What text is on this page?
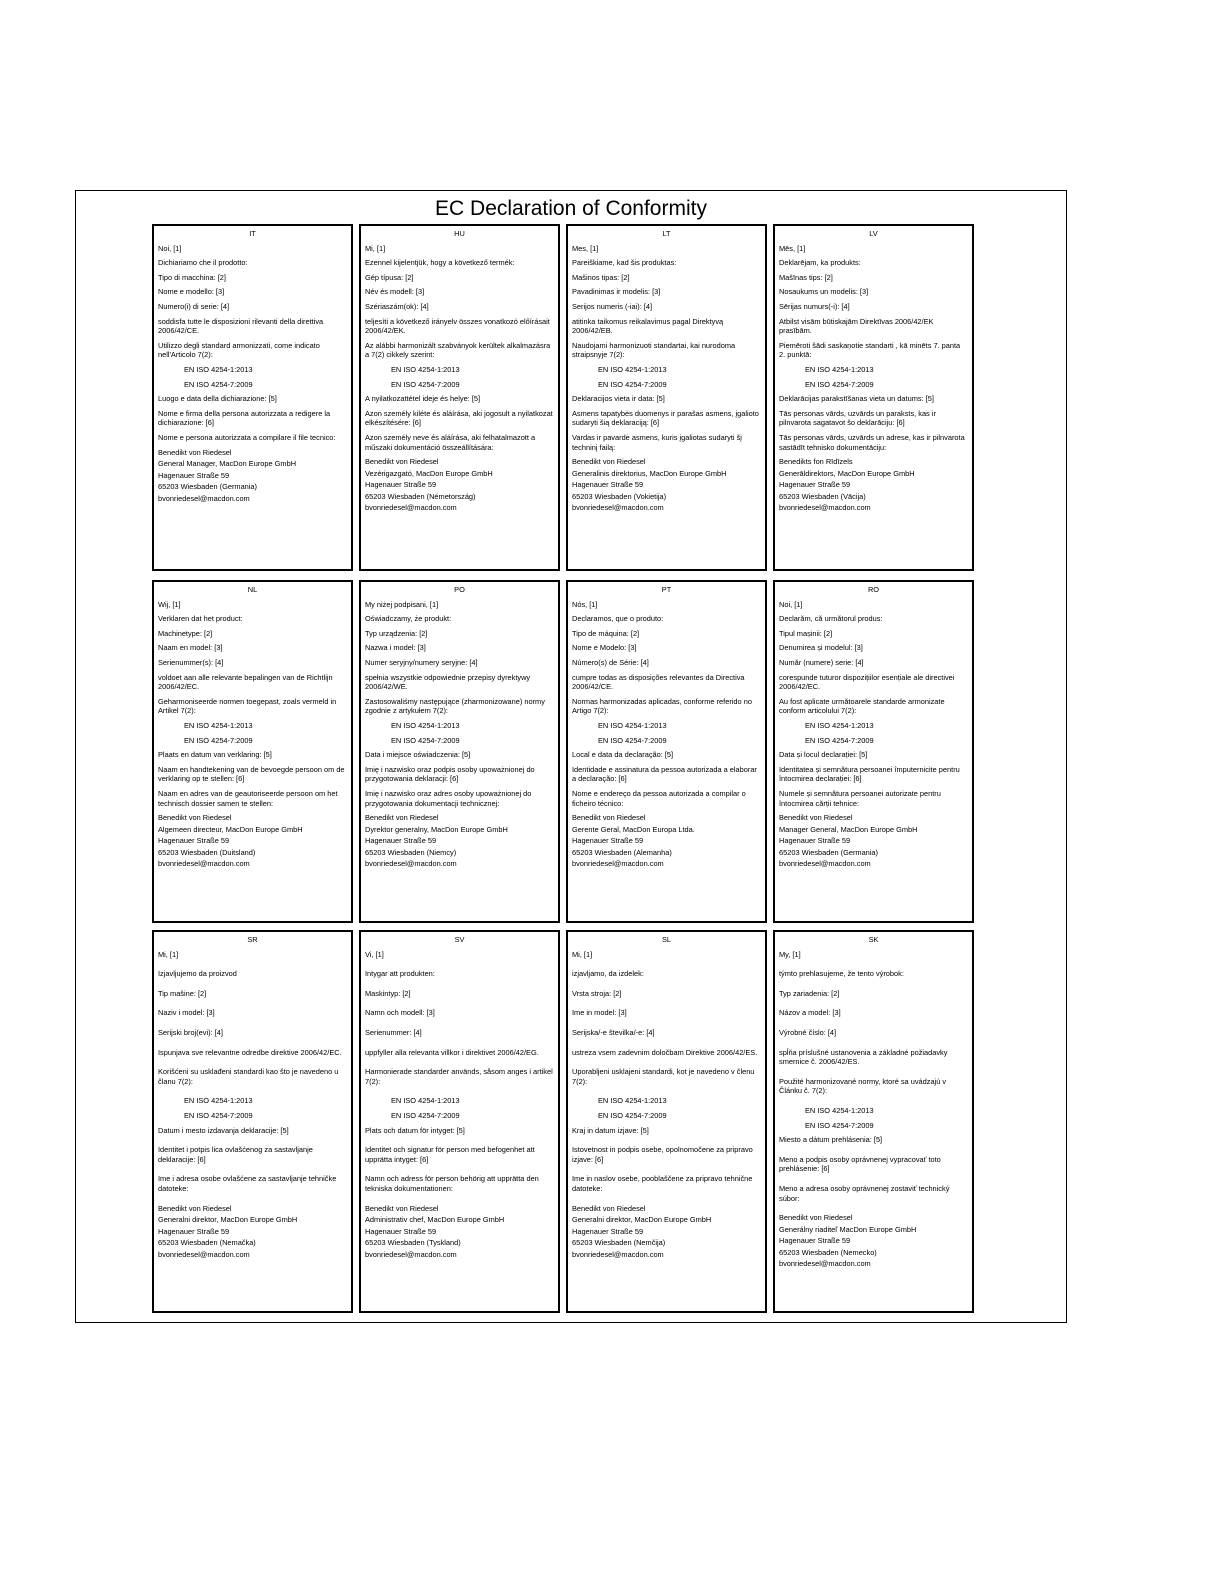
EC Declaration of Conformity
IT
Noi, [1]
Dichiariamo che il prodotto:
Tipo di macchina: [2]
Nome e modello: [3]
Numero(i) di serie: [4]
soddisfa tutte le disposizioni rilevanti della direttiva 2006/42/CE.
Utilizzo degli standard armonizzati, come indicato nell'Articolo 7(2):
EN ISO 4254-1:2013
EN ISO 4254-7:2009
Luogo e data della dichiarazione: [5]
Nome e firma della persona autorizzata a redigere la dichiarazione: [6]
Nome e persona autorizzata a compilare il file tecnico:
Benedikt von Riedesel
General Manager, MacDon Europe GmbH
Hagenauer Straße 59
65203 Wiesbaden (Germania)
bvonriedesel@macdon.com
HU
Mi, [1]
Ezennel kijelentjük, hogy a következő termék:
Gép típusa: [2]
Név és modell: [3]
Szériaszám(ok): [4]
teljesíti a következő irányelv összes vonatkozó előírásait 2006/42/EK.
Az alábbi harmonizált szabványok kerültek alkalmazásra a 7(2) cikkely szerint:
EN ISO 4254-1:2013
EN ISO 4254-7:2009
A nyilatkozattétel ideje és helye: [5]
Azon személy kiléte és aláírása, aki jogosult a nyilatkozat elkészítésére: [6]
Azon személy neve és aláírása, aki felhatalmazott a műszaki dokumentáció összeállítására:
Benedikt von Riedesel
Vezérigazgató, MacDon Europe GmbH
Hagenauer Straße 59
65203 Wiesbaden (Németország)
bvonriedesel@macdon.com
LT
Mes, [1]
Pareiškiame, kad šis produktas:
Mašinos tipas: [2]
Pavadinimas ir modelis: [3]
Serijos numeris (-iai): [4]
atitinka taikomus reikalavimus pagal Direktyvą 2006/42/EB.
Naudojami harmonizuoti standartai, kai nurodoma straipsnyje 7(2):
EN ISO 4254-1:2013
EN ISO 4254-7:2009
Deklaracijos vieta ir data: [5]
Asmens tapatybės duomenys ir parašas asmens, įgalioto sudaryti šią deklaraciją: [6]
Vardas ir pavardė asmens, kuris įgaliotas sudaryti šį techninį failą:
Benedikt von Riedesel
Generalinis direktorius, MacDon Europe GmbH
Hagenauer Straße 59
65203 Wiesbaden (Vokietija)
bvonriedesel@macdon.com
LV
Mēs, [1]
Deklarējam, ka produkts:
Mašīnas tips: [2]
Nosaukums un modelis: [3]
Sērijas numurs(-i): [4]
Atbilst visām būtiskajām Direktīvas 2006/42/EK prasībām.
Piemēroti šādi saskaņotie standarti , kā minēts 7. panta 2. punktā:
EN ISO 4254-1:2013
EN ISO 4254-7:2009
Deklarācijas parakstīšanas vieta un datums: [5]
Tās personas vārds, uzvārds un paraksts, kas ir pilnvarota sagatavot šo deklarāciju: [6]
Tās personas vārds, uzvārds un adrese, kas ir pilnvarota sastādīt tehnisko dokumentāciju:
Benedikts fon Rīdīzels
Generāldirektors, MacDon Europe GmbH
Hagenauer Straße 59
65203 Wiesbaden (Vācija)
bvonriedesel@macdon.com
NL
Wij, [1]
Verklaren dat het product:
Machinetype: [2]
Naam en model: [3]
Serienummer(s): [4]
voldoet aan alle relevante bepalingen van de Richtlijn 2006/42/EC.
Geharmoniseerde normen toegepast, zoals vermeld in Artikel 7(2):
EN ISO 4254-1:2013
EN ISO 4254-7:2009
Plaats en datum van verklaring: [5]
Naam en handtekening van de bevoegde persoon om de verklaring op te stellen: [6]
Naam en adres van de geautoriseerde persoon om het technisch dossier samen te stellen:
Benedikt von Riedesel
Algemeen directeur, MacDon Europe GmbH
Hagenauer Straße 59
65203 Wiesbaden (Duitsland)
bvonriedesel@macdon.com
PO
My niżej podpisani, [1]
Oświadczamy, że produkt:
Typ urządzenia: [2]
Nazwa i model: [3]
Numer seryjny/numery seryjne: [4]
spełnia wszystkie odpowiednie przepisy dyrektywy 2006/42/WE.
Zastosowaliśmy następujące (zharmonizowane) normy zgodnie z artykułem 7(2):
EN ISO 4254-1:2013
EN ISO 4254-7:2009
Data i miejsce oświadczenia: [5]
Imię i nazwisko oraz podpis osoby upoważnionej do przygotowania deklaracji: [6]
Imię i nazwisko oraz adres osoby upoważnionej do przygotowania dokumentacji technicznej:
Benedikt von Riedesel
Dyrektor generalny, MacDon Europe GmbH
Hagenauer Straße 59
65203 Wiesbaden (Niemcy)
bvonriedesel@macdon.com
PT
Nós, [1]
Declaramos, que o produto:
Tipo de máquina: [2]
Nome e Modelo: [3]
Número(s) de Série: [4]
cumpre todas as disposições relevantes da Directiva 2006/42/CE.
Normas harmonizadas aplicadas, conforme referido no Artigo 7(2):
EN ISO 4254-1:2013
EN ISO 4254-7:2009
Local e data da declaração: [5]
Identidade e assinatura da pessoa autorizada a elaborar a declaração: [6]
Nome e endereço da pessoa autorizada a compilar o ficheiro técnico:
Benedikt von Riedesel
Gerente Geral, MacDon Europa Ltda.
Hagenauer Straße 59
65203 Wiesbaden (Alemanha)
bvonriedesel@macdon.com
RO
Noi, [1]
Declarăm, că următorul produs:
Tipul mașinii: [2]
Denumirea și modelul: [3]
Număr (numere) serie: [4]
corespunde tuturor dispozițiilor esențiale ale directivei 2006/42/EC.
Au fost aplicate următoarele standarde armonizate conform articolului 7(2):
EN ISO 4254-1:2013
EN ISO 4254-7:2009
Data și locul declarației: [5]
Identitatea și semnătura persoanei împuternicite pentru întocmirea declarației: [6]
Numele și semnătura persoanei autorizate pentru întocmirea cărții tehnice:
Benedikt von Riedesel
Manager General, MacDon Europe GmbH
Hagenauer Straße 59
65203 Wiesbaden (Germania)
bvonriedesel@macdon.com
SR
Mi, [1]
Izjavljujemo da proizvod
Tip mašine: [2]
Naziv i model: [3]
Serijski broj(evi): [4]
Ispunjava sve relevantne odredbe direktive 2006/42/EC.
Korišćeni su usklađeni standardi kao što je navedeno u članu 7(2):
EN ISO 4254-1:2013
EN ISO 4254-7:2009
Datum i mesto izdavanja deklaracije: [5]
Identitet i potpis lica ovlašćenog za sastavljanje deklaracije: [6]
Ime i adresa osobe ovlašćene za sastavljanje tehničke datoteke:
Benedikt von Riedesel
Generalni direktor, MacDon Europe GmbH
Hagenauer Straße 59
65203 Wiesbaden (Nemačka)
bvonriedesel@macdon.com
SV
Vi, [1]
Intygar att produkten:
Maskintyp: [2]
Namn och modell: [3]
Serienummer: [4]
uppfyller alla relevanta villkor i direktivet 2006/42/EG.
Harmonierade standarder används, såsom anges i artikel 7(2):
EN ISO 4254-1:2013
EN ISO 4254-7:2009
Plats och datum för intyget: [5]
Identitet och signatur för person med befogenhet att upprätta intyget: [6]
Namn och adress för person behörig att upprätta den tekniska dokumentationen:
Benedikt von Riedesel
Administrativ chef, MacDon Europe GmbH
Hagenauer Straße 59
65203 Wiesbaden (Tyskland)
bvonriedesel@macdon.com
SL
Mi, [1]
izjavljamo, da izdelek:
Vrsta stroja: [2]
Ime in model: [3]
Serijska/-e številka/-e: [4]
ustreza vsem zadevnim določbam Direktive 2006/42/ES.
Uporabljeni usklajeni standardi, kot je navedeno v členu 7(2):
EN ISO 4254-1:2013
EN ISO 4254-7:2009
Kraj in datum izjave: [5]
Istovetnost in podpis osebe, opolnomočene za pripravo izjave: [6]
Ime in naslov osebe, pooblaščene za pripravo tehnične datoteke:
Benedikt von Riedesel
Generalni direktor, MacDon Europe GmbH
Hagenauer Straße 59
65203 Wiesbaden (Nemčija)
bvonriedesel@macdon.com
SK
My, [1]
týmto prehlasujeme, že tento výrobok:
Typ zariadenia: [2]
Názov a model: [3]
Výrobné číslo: [4]
spĺňa príslušné ustanovenia a základné požiadavky smernice č. 2006/42/ES.
Použité harmonizované normy, ktoré sa uvádzajú v Článku č. 7(2):
EN ISO 4254-1:2013
EN ISO 4254-7:2009
Miesto a dátum prehlásenia: [5]
Meno a podpis osoby oprávnenej vypracovať toto prehlásenie: [6]
Meno a adresa osoby oprávnenej zostaviť technický súbor:
Benedikt von Riedesel
Generálny riaditeľ MacDon Europe GmbH
Hagenauer Straße 59
65203 Wiesbaden (Nemecko)
bvonriedesel@macdon.com
